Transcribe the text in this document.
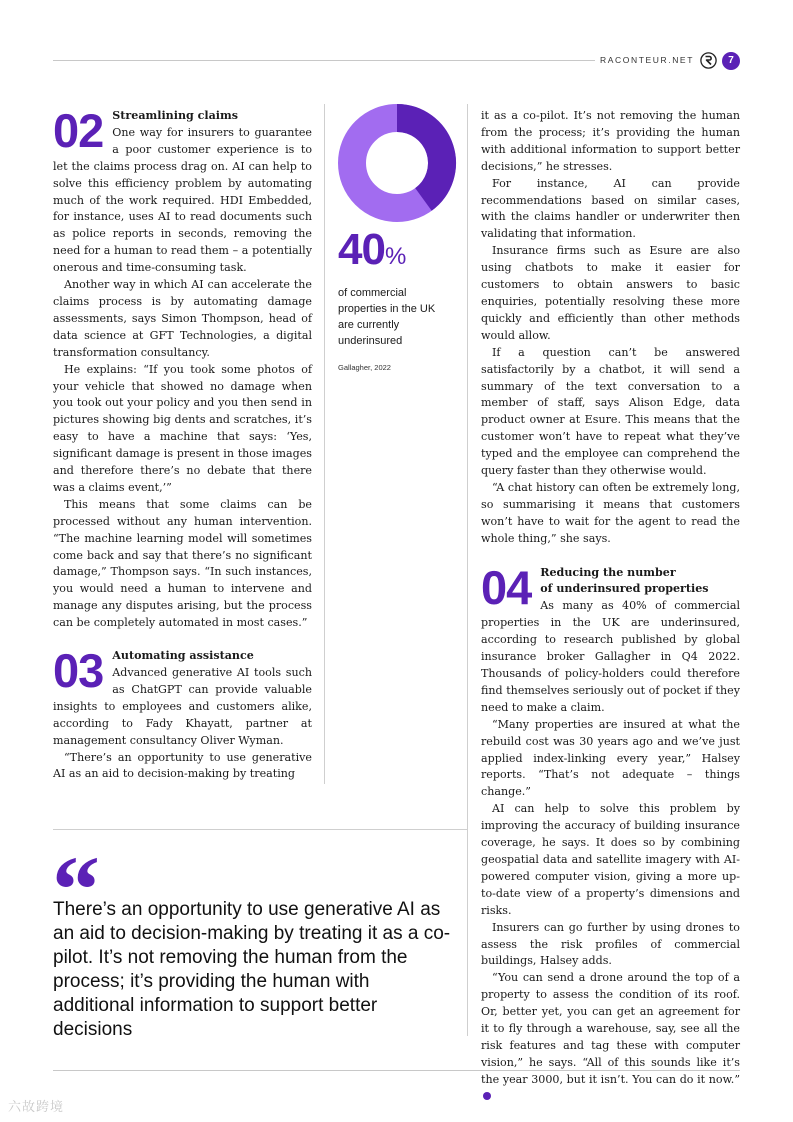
RACONTEUR.NET	7
02 Streamlining claims

One way for insurers to guarantee a poor customer experience is to let the claims process drag on. AI can help to solve this efficiency problem by automating much of the work required. HDI Embedded, for instance, uses AI to read documents such as police reports in seconds, removing the need for a human to read them – a potentially onerous and time-consuming task.

Another way in which AI can accelerate the claims process is by automating damage assessments, says Simon Thompson, head of data science at GFT Technologies, a digital transformation consultancy.

He explains: “If you took some photos of your vehicle that showed no damage when you took out your policy and you then send in pictures showing big dents and scratches, it’s easy to have a machine that says: ‘Yes, significant damage is present in those images and therefore there’s no debate that there was a claims event,’”

This means that some claims can be processed without any human intervention. “The machine learning model will sometimes come back and say that there’s no significant damage,” Thompson says. “In such instances, you would need a human to intervene and manage any disputes arising, but the process can be completely automated in most cases.”

03 Automating assistance

Advanced generative AI tools such as ChatGPT can provide valuable insights to employees and customers alike, according to Fady Khayatt, partner at management consultancy Oliver Wyman.

“There’s an opportunity to use generative AI as an aid to decision-making by treating

40%
of commercial properties in the UK are currently underinsured
Gallagher, 2022

it as a co-pilot. It’s not removing the human from the process; it’s providing the human with additional information to support better decisions,” he stresses.

For instance, AI can provide recommendations based on similar cases, with the claims handler or underwriter then validating that information.

Insurance firms such as Esure are also using chatbots to make it easier for customers to obtain answers to basic enquiries, potentially resolving these more quickly and efficiently than other methods would allow.

If a question can’t be answered satisfactorily by a chatbot, it will send a summary of the text conversation to a member of staff, says Alison Edge, data product owner at Esure. This means that the customer won’t have to repeat what they’ve typed and the employee can comprehend the query faster than they otherwise would.

“A chat history can often be extremely long, so summarising it means that customers won’t have to wait for the agent to read the whole thing,” she says.

04 Reducing the number
of underinsured properties

As many as 40% of commercial properties in the UK are underinsured, according to research published by global insurance broker Gallagher in Q4 2022. Thousands of policy-holders could therefore find themselves seriously out of pocket if they need to make a claim.

“Many properties are insured at what the rebuild cost was 30 years ago and we’ve just applied index-linking every year,” Halsey reports. “That’s not adequate – things change.”

AI can help to solve this problem by improving the accuracy of building insurance coverage, he says. It does so by combining geospatial data and satellite imagery with AI-powered computer vision, giving a more up-to-date view of a property’s dimensions and risks.

Insurers can go further by using drones to assess the risk profiles of commercial buildings, Halsey adds.

“You can send a drone around the top of a property to assess the condition of its roof. Or, better yet, you can get an agreement for it to fly through a warehouse, say, see all the risk features and tag these with computer vision,” he says. “All of this sounds like it’s the year 3000, but it isn’t. You can do it now.”

“
There’s an opportunity to use generative AI as an aid to decision-making by treating it as a co-pilot. It’s not removing the human from the process; it’s providing the human with additional information to support better decisions
六故跨境
